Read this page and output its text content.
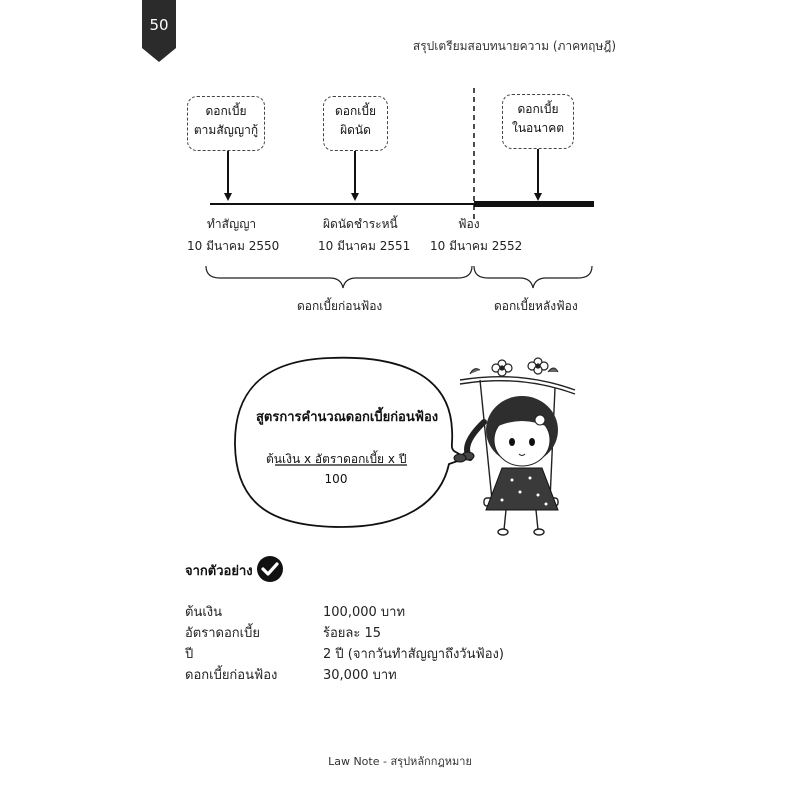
50
สรุปเตรียมสอบทนายความ (ภาคทฤษฎี)
ดอกเบี้ย
ตามสัญญากู้
ดอกเบี้ย
ผิดนัด
ดอกเบี้ย
ในอนาคต
ทำสัญญา
10 มีนาคม 2550
ผิดนัดชำระหนี้
10 มีนาคม 2551
ฟ้อง
10 มีนาคม 2552
ดอกเบี้ยก่อนฟ้อง	ดอกเบี้ยหลังฟ้อง
สูตรการคำนวณดอกเบี้ยก่อนฟ้อง
ต้นเงิน x อัตราดอกเบี้ย x ปี
100
จากตัวอย่าง
ต้นเงิน	100,000 บาท
อัตราดอกเบี้ย	ร้อยละ 15
ปี	2 ปี (จากวันทำสัญญาถึงวันฟ้อง)
ดอกเบี้ยก่อนฟ้อง	30,000 บาท
Law Note - สรุปหลักกฎหมาย
